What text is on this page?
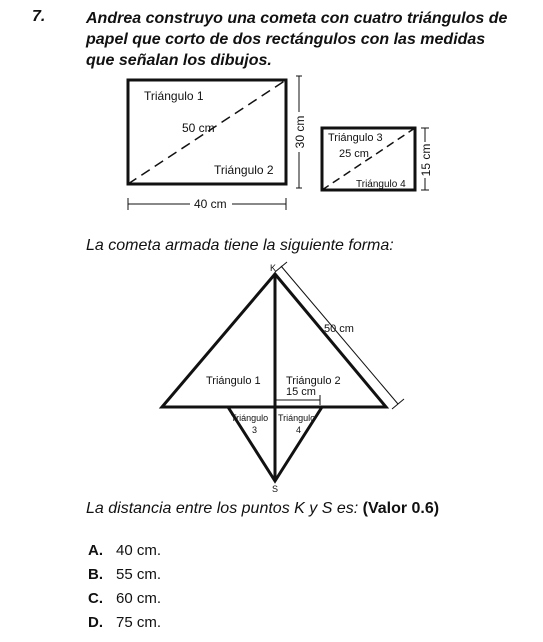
7.	Andrea construyo una cometa con cuatro triángulos de papel que corto de dos rectángulos con las medidas que señalan los dibujos.
Triángulo 1
50 cm
Triángulo 2
40 cm
30 cm Triángulo 3
25 cm
Triángulo 4
15 cm
50 cm
15 cm
Triángulo 1 Triángulo 2
Triángulo
3
Triángulo
4
K
S
La cometa armada tiene la siguiente forma:
La distancia entre los puntos K y S es: (Valor 0.6)
A. 40 cm.
B. 55 cm.
C. 60 cm.
D. 75 cm.
